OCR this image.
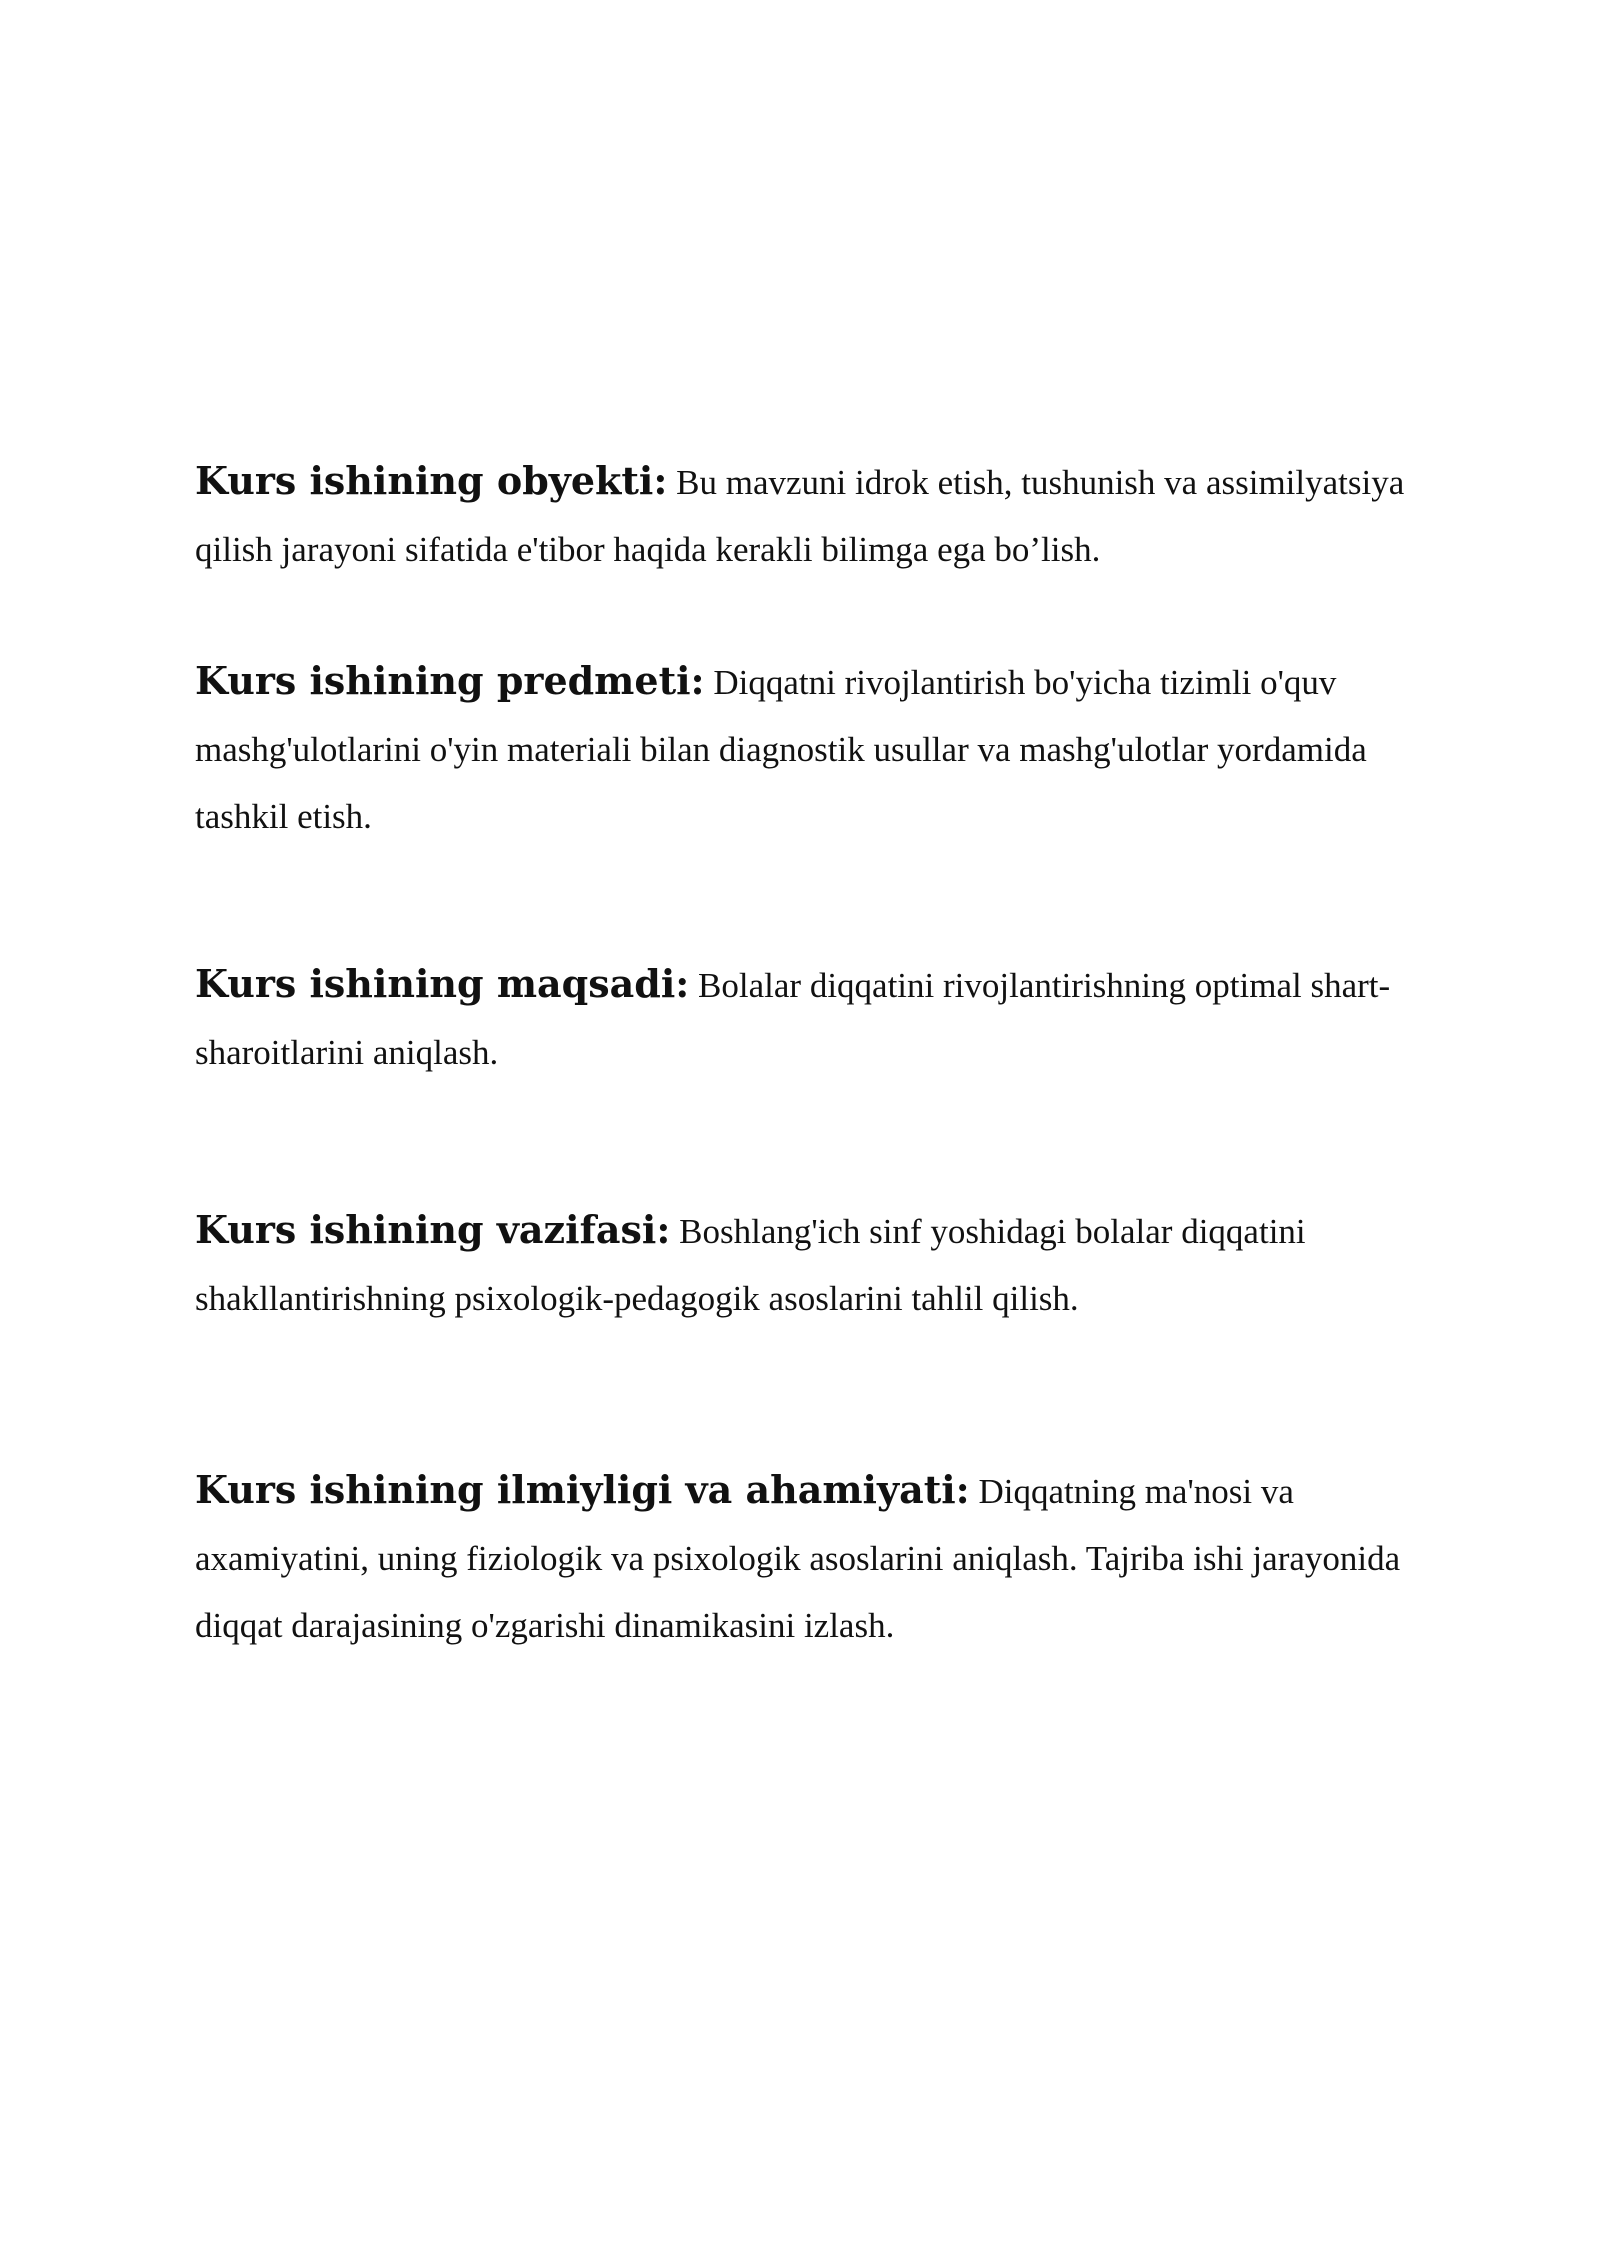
Kurs ishining obyekti: Bu mavzuni idrok etish, tushunish va assimilyatsiya qilish jarayoni sifatida e'tibor haqida kerakli bilimga ega bo’lish.

Kurs ishining predmeti: Diqqatni rivojlantirish bo'yicha tizimli o'quv mashg'ulotlarini o'yin materiali bilan diagnostik usullar va mashg'ulotlar yordamida tashkil etish.

Kurs ishining maqsadi: Bolalar diqqatini rivojlantirishning optimal shart-sharoitlarini aniqlash.

Kurs ishining vazifasi: Boshlang'ich sinf yoshidagi bolalar diqqatini shakllantirishning psixologik-pedagogik asoslarini tahlil qilish.

Kurs ishining ilmiyligi va ahamiyati: Diqqatning ma'nosi va axamiyatini, uning fiziologik va psixologik asoslarini aniqlash. Tajriba ishi jarayonida diqqat darajasining o'zgarishi dinamikasini izlash.
